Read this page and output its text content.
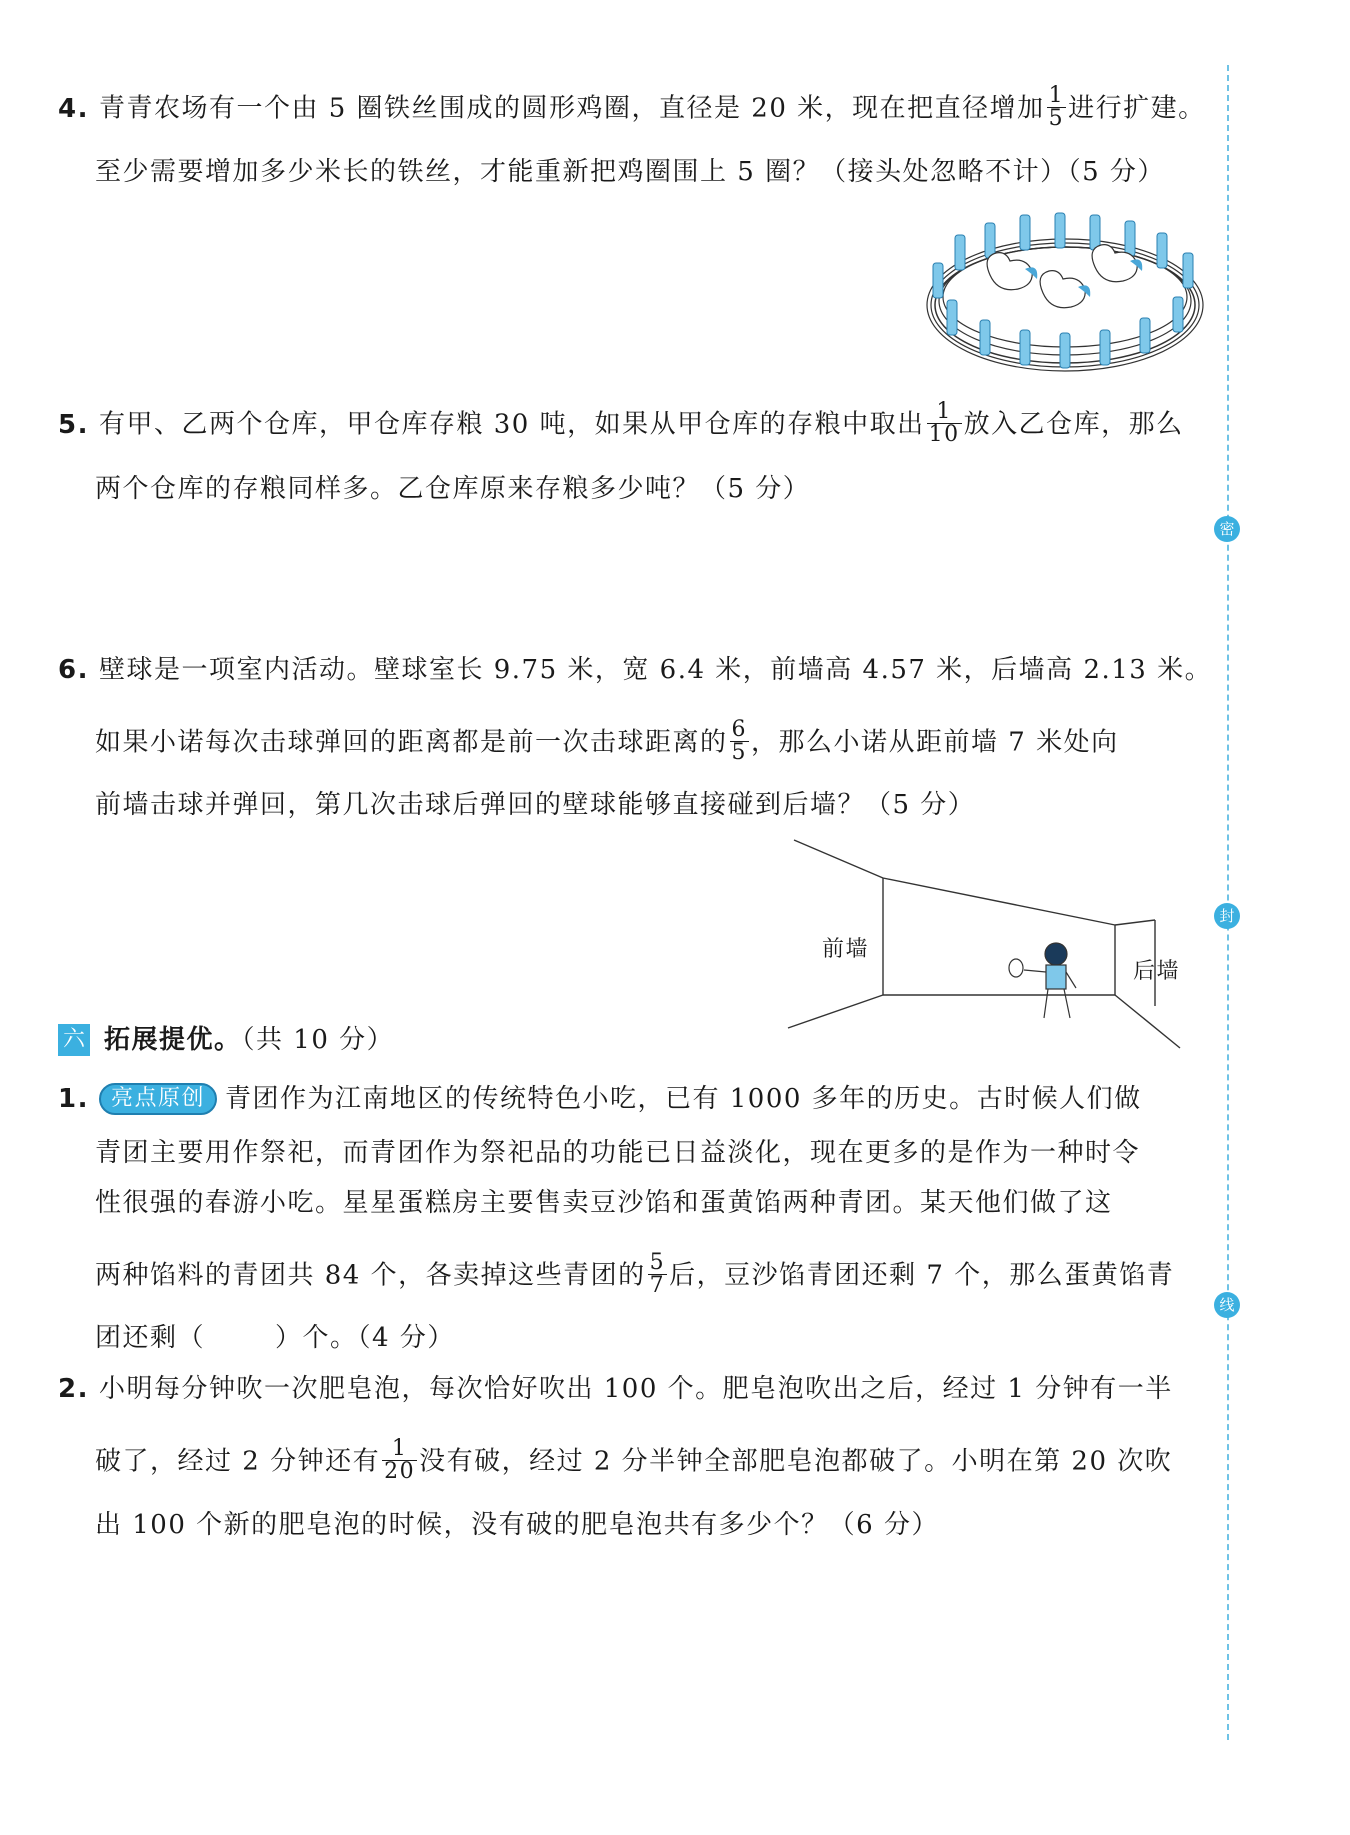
密
封
线
4. 青青农场有一个由 5 圈铁丝围成的圆形鸡圈，直径是 20 米，现在把直径增加 $\frac{1}{5}$ 进行扩建。
至少需要增加多少米长的铁丝，才能重新把鸡圈围上 5 圈？（接头处忽略不计）（5 分）
5. 有甲、乙两个仓库，甲仓库存粮 30 吨，如果从甲仓库的存粮中取出 $\frac{1}{10}$ 放入乙仓库，那么
两个仓库的存粮同样多。乙仓库原来存粮多少吨？（5 分）
6. 壁球是一项室内活动。壁球室长 9.75 米，宽 6.4 米，前墙高 4.57 米，后墙高 2.13 米。
如果小诺每次击球弹回的距离都是前一次击球距离的 $\frac{6}{5}$ ，那么小诺从距前墙 7 米处向
前墙击球并弹回，第几次击球后弹回的壁球能够直接碰到后墙？（5 分）
前墙
后墙
六 拓展提优。（共 10 分）
1. 亮点原创 青团作为江南地区的传统特色小吃，已有 1000 多年的历史。古时候人们做
青团主要用作祭祀，而青团作为祭祀品的功能已日益淡化，现在更多的是作为一种时令
性很强的春游小吃。星星蛋糕房主要售卖豆沙馅和蛋黄馅两种青团。某天他们做了这
两种馅料的青团共 84 个，各卖掉这些青团的 $\frac{5}{7}$ 后，豆沙馅青团还剩 7 个，那么蛋黄馅青
团还剩（	）个。（4 分）
2. 小明每分钟吹一次肥皂泡，每次恰好吹出 100 个。肥皂泡吹出之后，经过 1 分钟有一半
破了，经过 2 分钟还有 $\frac{1}{20}$ 没有破，经过 2 分半钟全部肥皂泡都破了。小明在第 20 次吹
出 100 个新的肥皂泡的时候，没有破的肥皂泡共有多少个？（6 分）
